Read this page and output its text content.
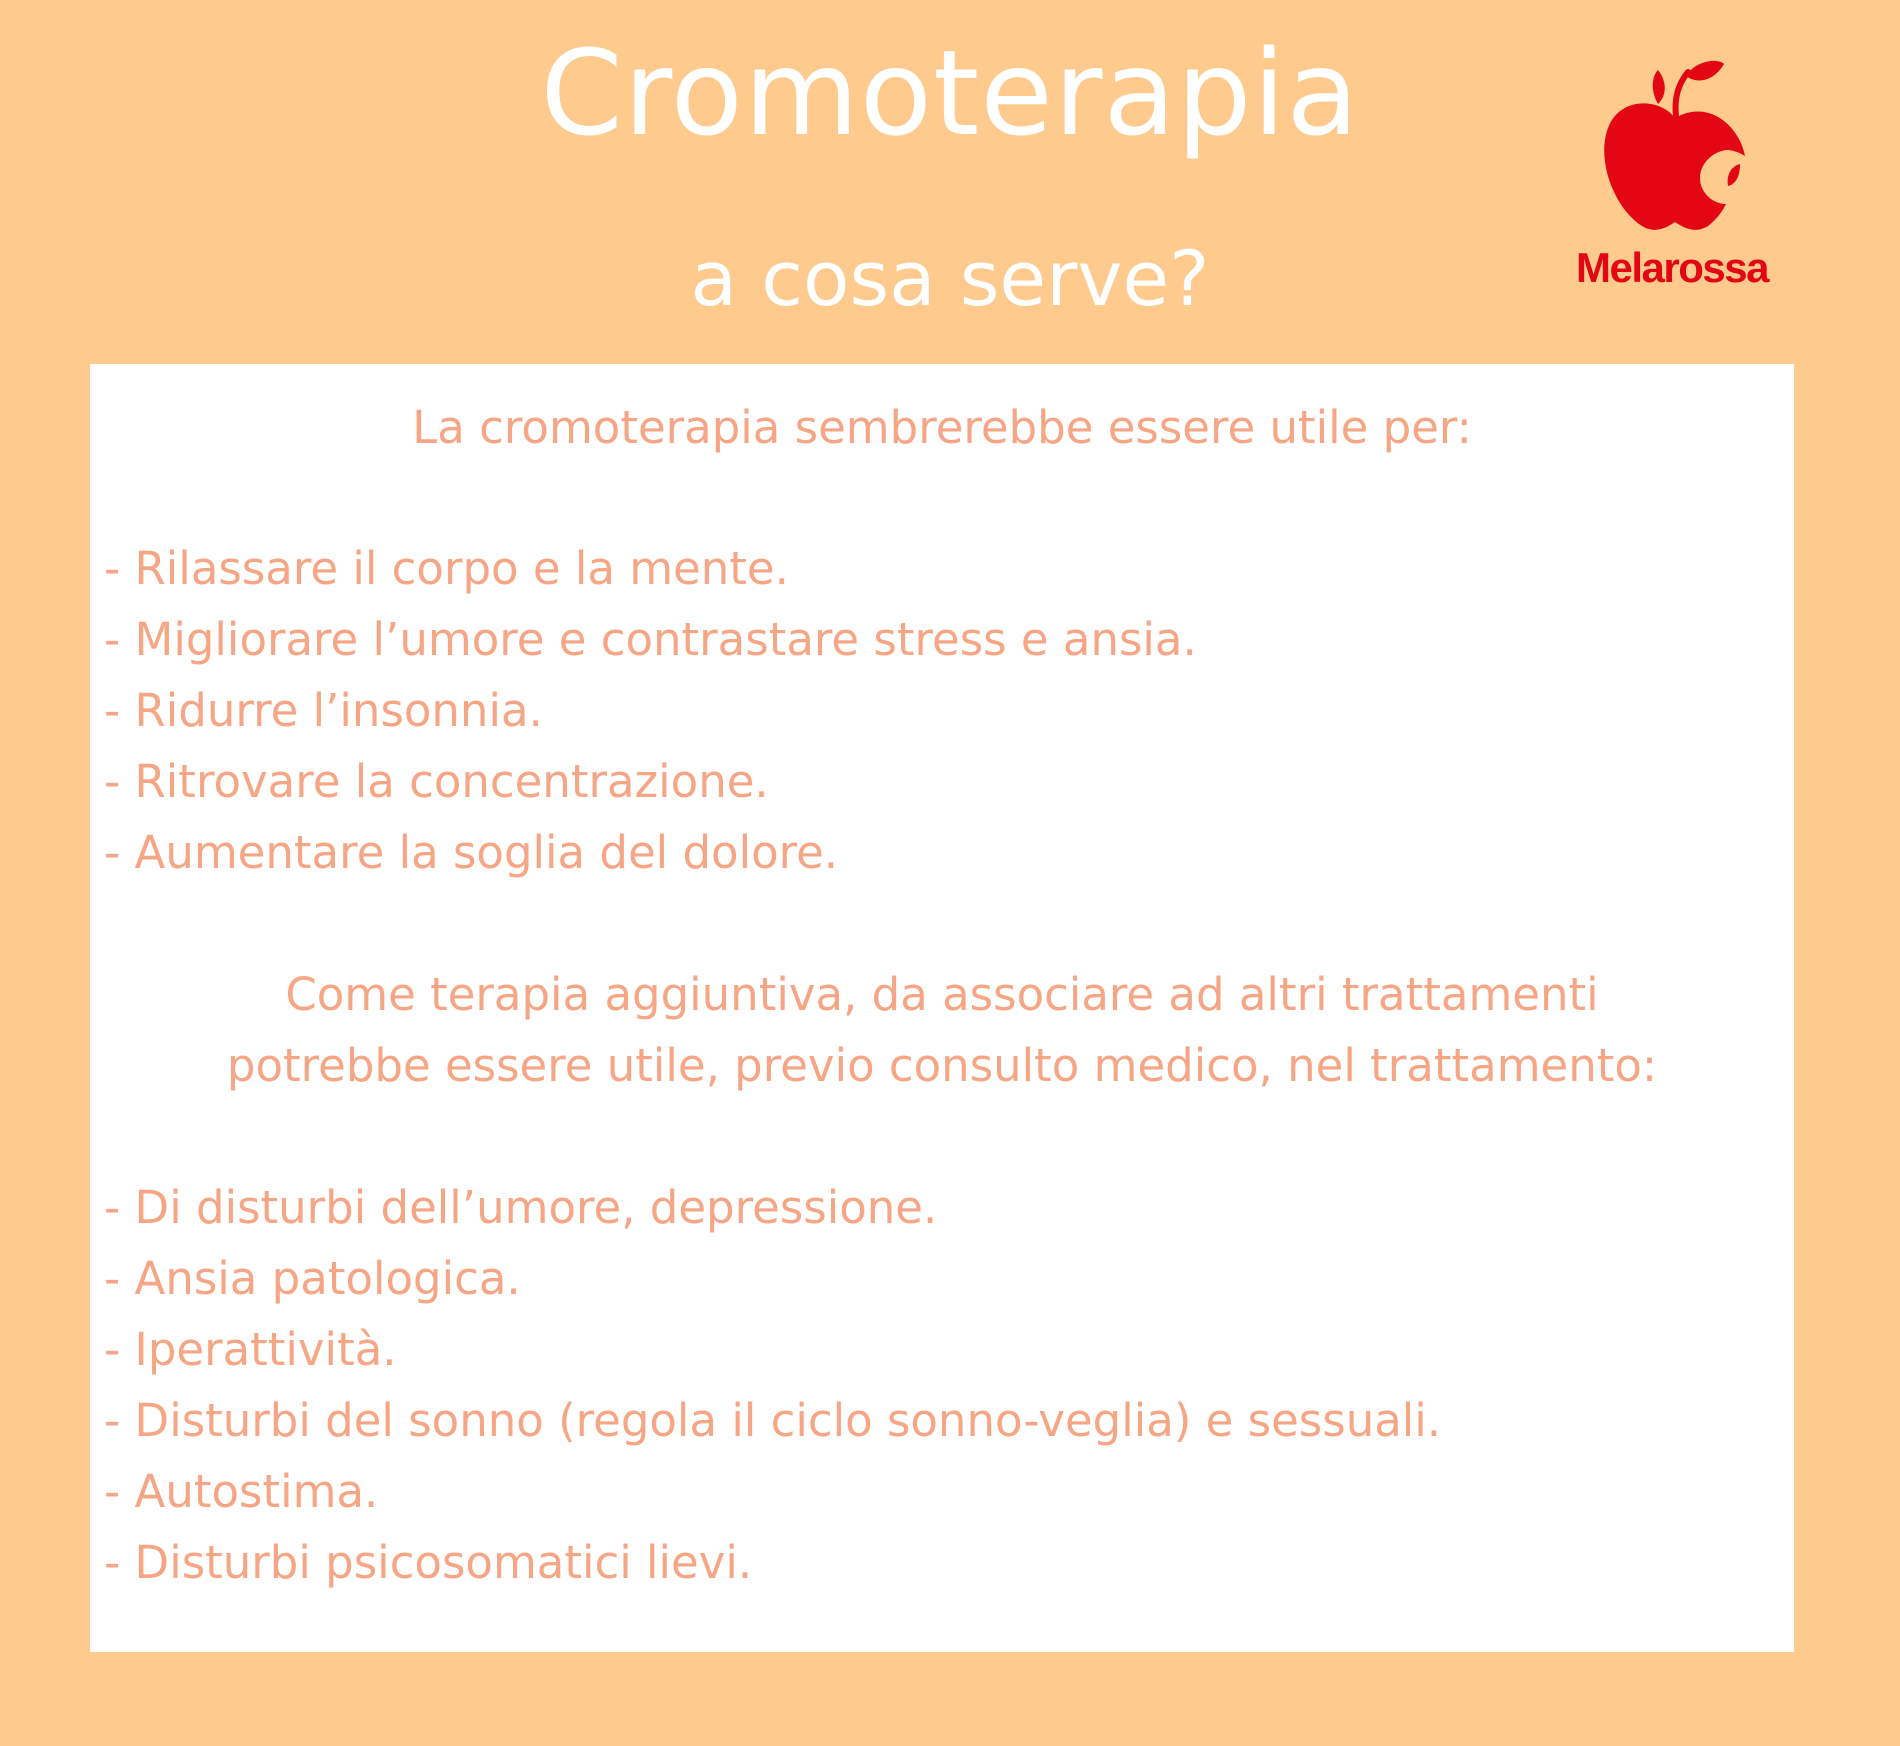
Cromoterapia
a cosa serve?	Melarossa
La cromoterapia sembrerebbe essere utile per:
- Rilassare il corpo e la mente.
- Migliorare l’umore e contrastare stress e ansia.
- Ridurre l’insonnia.
- Ritrovare la concentrazione.
- Aumentare la soglia del dolore.
Come terapia aggiuntiva, da associare ad altri trattamenti
potrebbe essere utile, previo consulto medico, nel trattamento:
- Di disturbi dell’umore, depressione.
- Ansia patologica.
- Iperattività.
- Disturbi del sonno (regola il ciclo sonno-veglia) e sessuali.
- Autostima.
- Disturbi psicosomatici lievi.
